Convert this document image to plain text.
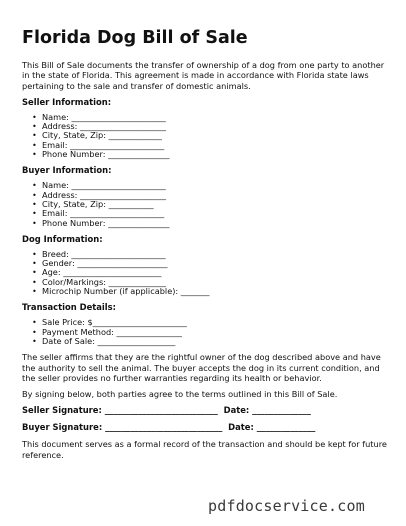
Florida Dog Bill of Sale

This Bill of Sale documents the transfer of ownership of a dog from one party to another in the state of Florida. This agreement is made in accordance with Florida state laws pertaining to the sale and transfer of domestic animals.

Seller Information:
• Name: _______________________
• Address: _____________________
• City, State, Zip: _____________
• Email: _______________________
• Phone Number: _______________
Buyer Information:
• Name: _______________________
• Address: _____________________
• City, State, Zip: ___________
• Email: _______________________
• Phone Number: _______________
Dog Information:
• Breed: _______________________
• Gender: ______________________
• Age: ________________________
• Color/Markings: ______________
• Microchip Number (if applicable): _______
Transaction Details:
• Sale Price: $_______________________
• Payment Method: ________________
• Date of Sale: ___________________

The seller affirms that they are the rightful owner of the dog described above and have the authority to sell the animal. The buyer accepts the dog in its current condition, and the seller provides no further warranties regarding its health or behavior.

By signing below, both parties agree to the terms outlined in this Bill of Sale.

Seller Signature: ___________________________  Date: ______________
Buyer Signature: ____________________________  Date: ______________

This document serves as a formal record of the transaction and should be kept for future reference.

pdfdocservice.com
